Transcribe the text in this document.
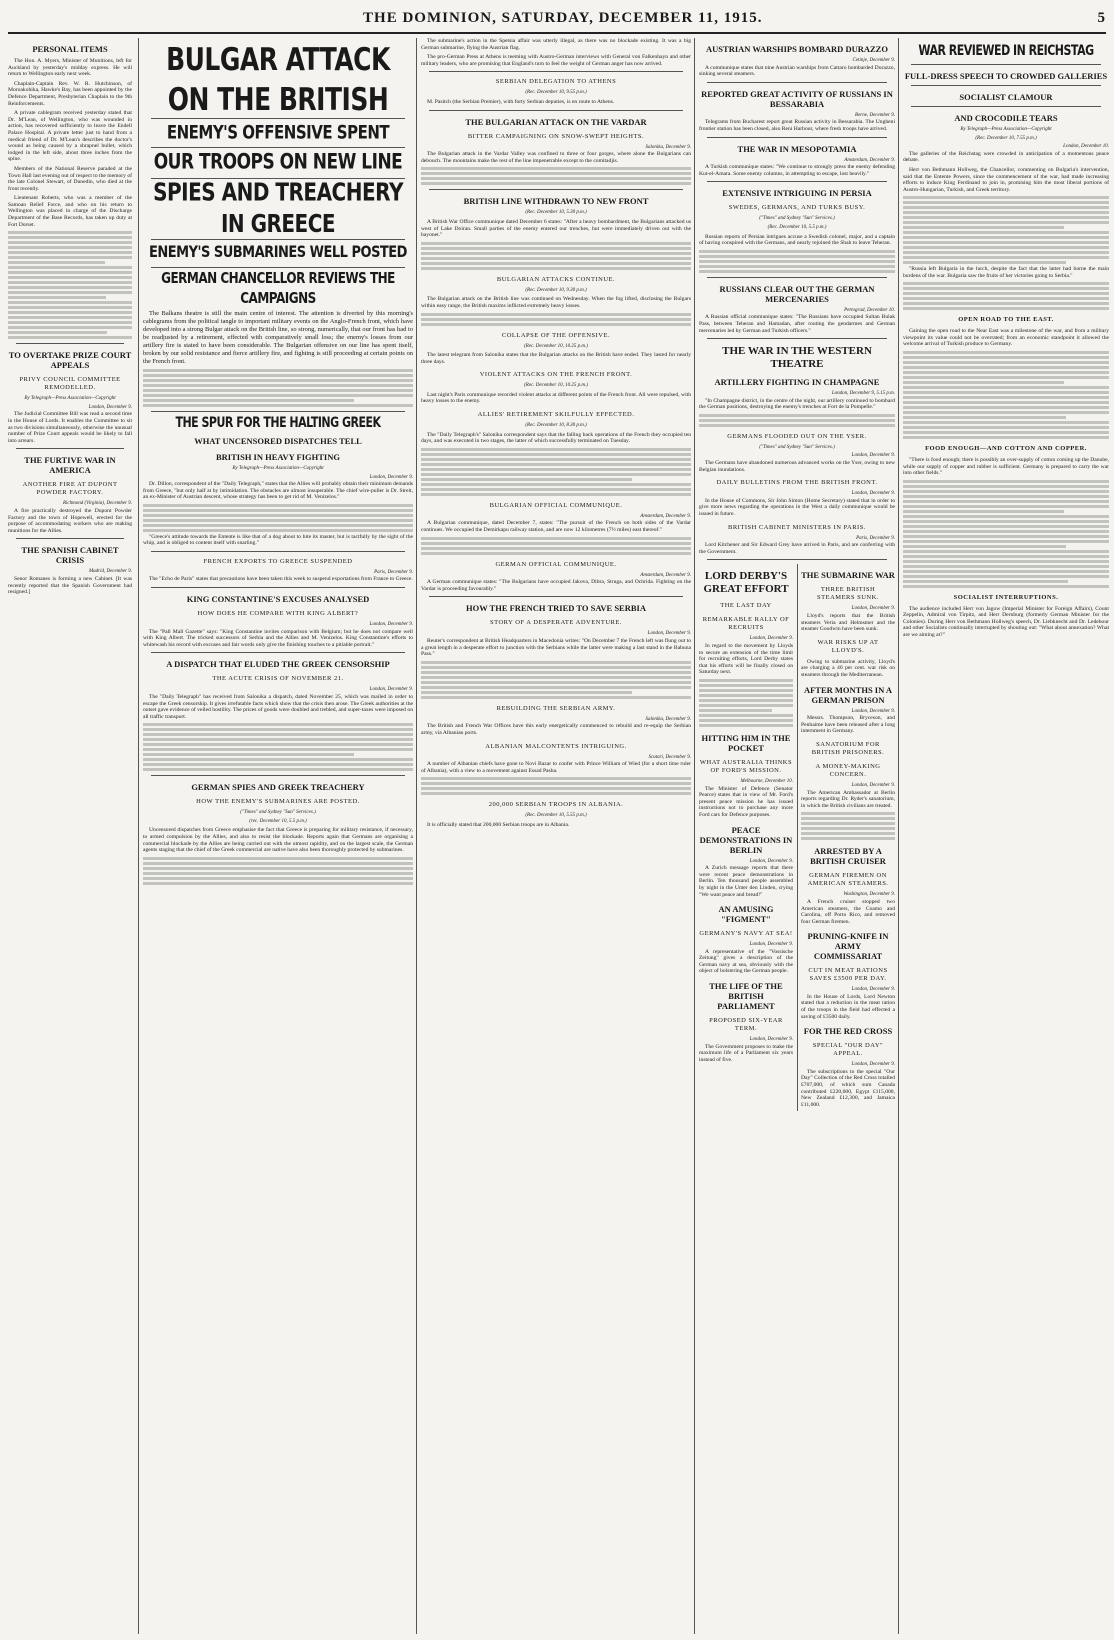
THE DOMINION, SATURDAY, DECEMBER 11, 1915.	5
PERSONAL ITEMS

The Hon. A. Myers, Minister of Munitions, left for Auckland by yesterday's midday express. He will return to Wellington early next week.

Chaplain-Captain Rev. W. R. Hutchinson, of Moroakohika, Hawke's Bay, has been appointed by the Defence Department, Presbyterian Chaplain to the 9th Reinforcements.

A private cablegram received yesterday stated that Dr. M'Lean, of Wellington, who was wounded in action, has recovered sufficiently to leave the Endell Palace Hospital. A private letter just to hand from a medical friend of Dr. M'Lean's describes the doctor's wound as being caused by a shrapnel bullet, which lodged in the left side, about three inches from the spine.

Members of the National Reserve paraded at the Town Hall last evening out of respect to the memory of the late Colonel Stewart, of Dunedin, who died at the front recently.

Lieutenant Roberts, who was a member of the Samoan Relief Force, and who on his return to Wellington was placed in charge of the Discharge Department of the Base Records, has taken up duty at Fort Dorset.

TO OVERTAKE PRIZE COURT APPEALS
PRIVY COUNCIL COMMITTEE REMODELLED.
By Telegraph—Press Association—Copyright
London, December 9.

The Judicial Committee Bill was read a second time in the House of Lords. It enables the Committee to sit as two divisions simultaneously, otherwise the unusual number of Prize Court appeals would be likely to fall into arrears.

THE FURTIVE WAR IN AMERICA
ANOTHER FIRE AT DUPONT POWDER FACTORY.
Richmond (Virginia), December 9.

A fire practically destroyed the Dupont Powder Factory and the town of Hopewell, erected for the purpose of accommodating workers who are making munitions for the Allies.

THE SPANISH CABINET CRISIS
Madrid, December 9.

Senor Romanes is forming a new Cabinet. [It was recently reported that the Spanish Government had resigned.]

BULGAR ATTACK ON THE BRITISH
ENEMY'S OFFENSIVE SPENT
OUR TROOPS ON NEW LINE
SPIES AND TREACHERY IN GREECE
ENEMY'S SUBMARINES WELL POSTED
GERMAN CHANCELLOR REVIEWS THE CAMPAIGNS

The Balkans theatre is still the main centre of interest. The attention is diverted by this morning's cablegrams from the political tangle to important military events on the Anglo-French front, which have developed into a strong Bulgar attack on the British line, so strong, numerically, that our front has had to be readjusted by a retirement, effected with comparatively small loss; the enemy's losses from our artillery fire is stated to have been considerable. The Bulgarian offensive on our line has spent itself, broken by our solid resistance and fierce artillery fire, and fighting is still proceeding at certain points on the French front.

THE SPUR FOR THE HALTING GREEK
WHAT UNCENSORED DISPATCHES TELL
BRITISH IN HEAVY FIGHTING
By Telegraph—Press Association—Copyright
London, December 9.

Dr. Dillon, correspondent of the "Daily Telegraph," states that the Allies will probably obtain their minimum demands from Greece, "but only half at by intimidation. The obstacles are almost insuperable. The chief wire-puller is Dr. Streit, an ex-Minister of Austrian descent, whose strategy has been to get rid of M. Venizelos."

"Greece's attitude towards the Entente is like that of a dog about to bite its master, but is tactfully by the sight of the whip, and is obliged to content itself with snarling."

FRENCH EXPORTS TO GREECE SUSPENDED
Paris, December 9.

The "Echo de Paris" states that precautions have been taken this week to suspend exportations from France to Greece.

KING CONSTANTINE'S EXCUSES ANALYSED
HOW DOES HE COMPARE WITH KING ALBERT?
London, December 9.

The "Pall Mall Gazette" says: "King Constantine invites comparison with Belgium; but he does not compare well with King Albert. The tricked successors of Serbia and the Allies and M. Venizelos. King Constantine's efforts to whitewash his record with excuses and fair words only give the finishing touches to a pitiable portrait."

A DISPATCH THAT ELUDED THE GREEK CENSORSHIP
THE ACUTE CRISIS OF NOVEMBER 21.
London, December 9.

The "Daily Telegraph" has received from Salonika a dispatch, dated November 25, which was mailed in order to escape the Greek censorship. It gives irrefutable facts which show that the crisis then arose. The Greek authorities at the outset gave evidence of veiled hostility. The prices of goods were doubled and trebled, and super-taxes were imposed on all traffic transport.

GERMAN SPIES AND GREEK TREACHERY
HOW THE ENEMY'S SUBMARINES ARE POSTED.
("Times" and Sydney "Sun" Services.)
(rec. December 10, 5.5 p.m.)

Uncensored dispatches from Greece emphasise the fact that Greece is preparing for military resistance, if necessary, to armed compulsion by the Allies, and also to resist the blockade. Reports again that Germans are organising a commercial blockade by the Allies are being carried out with the utmost rapidity, and on the largest scale, the German agents staging that the chief of the Greek commercial are native have also been thoroughly protected by submarines.

The submarine's action in the Spetsia affair was utterly illegal, as there was no blockade existing. It was a big German submarine, flying the Austrian flag.

The pro-German Press at Athens is teeming with Austro-German interviews with General von Falkenhayn and other military leaders, who are promising that England's turn to feel the weight of German anger has now arrived.

SERBIAN DELEGATION TO ATHENS
(Rec. December 10, 9.55 p.m.)

M. Pasitch (the Serbian Premier), with forty Serbian deputies, is en route to Athens.

THE BULGARIAN ATTACK ON THE VARDAR
BITTER CAMPAIGNING ON SNOW-SWEPT HEIGHTS.
Salonika, December 9.

The Bulgarian attack in the Vardar Valley was confined to three or four gorges, where alone the Bulgarians can debouch. The mountains make the rest of the line impenetrable except to the comitadjis.

BRITISH LINE WITHDRAWN TO NEW FRONT
(Rec. December 10, 5.30 p.m.)

A British War Office communique dated December 6 states: "After a heavy bombardment, the Bulgarians attacked us west of Lake Doiran. Small parties of the enemy entered our trenches, but were immediately driven out with the bayonet."

BULGARIAN ATTACKS CONTINUE.
(Rec. December 10, 9.30 p.m.)

The Bulgarian attack on the British line was continued on Wednesday. When the fog lifted, disclosing the Bulgars within easy range, the British maxims inflicted extremely heavy losses.

COLLAPSE OF THE OFFENSIVE.
(Rec. December 10, 10.25 p.m.)

The latest telegram from Salonika states that the Bulgarian attacks on the British have ended. They lasted for nearly three days.

VIOLENT ATTACKS ON THE FRENCH FRONT.
(Rec. December 10, 10.25 p.m.)

Last night's Paris communique recorded violent attacks at different points of the French front. All were repulsed, with heavy losses to the enemy.

ALLIES' RETIREMENT SKILFULLY EFFECTED.
(Rec. December 10, 8.30 p.m.)

The "Daily Telegraph's" Salonika correspondent says that the falling back operations of the French they occupied ten days, and was executed in two stages, the latter of which successfully terminated on Tuesday.

BULGARIAN OFFICIAL COMMUNIQUE.
Amsterdam, December 9.

A Bulgarian communique, dated December 7, states: "The pursuit of the French on both sides of the Vardar continues. We occupied the Demirkapu railway station, and are now 12 kilometres (7½ miles) east thereof."

GERMAN OFFICIAL COMMUNIQUE.
Amsterdam, December 9.

A German communique states: "The Bulgarians have occupied Jakova, Dibra, Struga, and Ochrida. Fighting on the Vardar is proceeding favourably."

HOW THE FRENCH TRIED TO SAVE SERBIA
STORY OF A DESPERATE ADVENTURE.
London, December 9.

Reuter's correspondent at British Headquarters in Macedonia writes: "On December 7 the French left was flung out to a great length in a desperate effort to junction with the Serbians while the latter were making a last stand in the Babuna Pass."

REBUILDING THE SERBIAN ARMY.
Salonika, December 9.

The British and French War Offices have this early energetically commenced to rebuild and re-equip the Serbian army, via Albanian ports.

ALBANIAN MALCONTENTS INTRIGUING.
Scutari, December 9.

A number of Albanian chiefs have gone to Novi Bazar to confer with Prince William of Wied (for a short time ruler of Albania), with a view to a movement against Essad Pasha.

200,000 SERBIAN TROOPS IN ALBANIA.
(Rec. December 10, 5.55 p.m.)

It is officially stated that 200,000 Serbian troops are in Albania.

AUSTRIAN WARSHIPS BOMBARD DURAZZO
Cetinje, December 9.

A communique states that nine Austrian warships from Cattaro bombarded Durazzo, sinking several steamers.

REPORTED GREAT ACTIVITY OF RUSSIANS IN BESSARABIA
Berne, December 9.

Telegrams from Bucharest report great Russian activity in Bessarabia. The Ungheni frontier station has been closed, also Reni Harbour, where fresh troops have arrived.

THE WAR IN MESOPOTAMIA
Amsterdam, December 9.

A Turkish communique states: "We continue to strongly press the enemy defending Kut-el-Amara. Some enemy columns, in attempting to escape, lost heavily."

EXTENSIVE INTRIGUING IN PERSIA
SWEDES, GERMANS, AND TURKS BUSY.
("Times" and Sydney "Sun" Services.)
(Rec. December 10, 5.5 p.m.)

Russian reports of Persian intrigues accuse a Swedish colonel, major, and a captain of having conspired with the Germans, and nearly rejoined the Shah to leave Teheran.

RUSSIANS CLEAR OUT THE GERMAN MERCENARIES
Petrograd, December 10.

A Russian official communique states: "The Russians have occupied Sultan Bulak Pass, between Teheran and Hamadan, after routing the gendarmes and German mercenaries led by German and Turkish officers."

THE WAR IN THE WESTERN THEATRE
ARTILLERY FIGHTING IN CHAMPAGNE
London, December 9, 5.15 p.m.

"In Champagne district, in the centre of the night, our artillery continued to bombard the German positions, destroying the enemy's trenches at Fort de la Pompelle."

GERMANS FLOODED OUT ON THE YSER.
("Times" and Sydney "Sun" Services.)
London, December 9.

The Germans have abandoned numerous advanced works on the Yser, owing to new Belgian inundations.

DAILY BULLETINS FROM THE BRITISH FRONT.
London, December 9.

In the House of Commons, Sir John Simon (Home Secretary) stated that in order to give more news regarding the operations in the West a daily communique would be issued in future.

BRITISH CABINET MINISTERS IN PARIS.
Paris, December 9.

Lord Kitchener and Sir Edward Grey have arrived in Paris, and are conferring with the Government.

LORD DERBY'S GREAT EFFORT
THE LAST DAY
REMARKABLE RALLY OF RECRUITS
London, December 9.

In regard to the movement by Lloyds to secure an extension of the time limit for recruiting efforts, Lord Derby states that his efforts will be finally closed on Saturday next.

HITTING HIM IN THE POCKET
WHAT AUSTRALIA THINKS OF FORD'S MISSION.
Melbourne, December 10.

The Minister of Defence (Senator Pearce) states that in view of Mr. Ford's present peace mission he has issued instructions not to purchase any more Ford cars for Defence purposes.

PEACE DEMONSTRATIONS IN BERLIN
London, December 9.

A Zurich message reports that there were recent peace demonstrations in Berlin. Ten thousand people assembled by night in the Unter den Linden, crying "We want peace and bread!"

AN AMUSING "FIGMENT"
GERMANY'S NAVY AT SEA!
London, December 9.

A representative of the "Vossische Zeitung" gives a description of the German navy at sea, obviously with the object of bolstering the German people.

THE LIFE OF THE BRITISH PARLIAMENT
PROPOSED SIX-YEAR TERM.
London, December 9.

The Government proposes to make the maximum life of a Parliament six years instead of five.

THE SUBMARINE WAR
THREE BRITISH STEAMERS SUNK.
London, December 9.

Lloyd's reports that the British steamers Veria and Helmsmer and the steamer Goodwin have been sunk.

WAR RISKS UP AT LLOYD'S.

Owing to submarine activity, Lloyd's are charging a 40 per cent. war risk on steamers through the Mediterranean.

AFTER MONTHS IN A GERMAN PRISON
London, December 9.

Messrs. Thompson, Bryceson, and Penhaime have been released after a long internment in Germany.

SANATORIUM FOR BRITISH PRISONERS.
A MONEY-MAKING CONCERN.
London, December 9.

The American Ambassador at Berlin reports regarding Dr. Ryder's sanatorium, in which the British civilians are treated.

ARRESTED BY A BRITISH CRUISER
GERMAN FIREMEN ON AMERICAN STEAMERS.
Washington, December 9.

A French cruiser stopped two American steamers, the Coamo and Carolina, off Porto Rico, and removed four German firemen.

PRUNING-KNIFE IN ARMY COMMISSARIAT
CUT IN MEAT RATIONS SAVES £3500 PER DAY.
London, December 9.

In the House of Lords, Lord Newton stated that a reduction in the meat ration of the troops in the field had effected a saving of £3500 daily.

FOR THE RED CROSS
SPECIAL "OUR DAY" APPEAL.
London, December 9.

The subscriptions to the special "Our Day" Collection of the Red Cross totalled £707,000, of which sum Canada contributed £220,000, Egypt £115,000, New Zealand £12,300, and Jamaica £11,000.

WAR REVIEWED IN REICHSTAG
FULL-DRESS SPEECH TO CROWDED GALLERIES
SOCIALIST CLAMOUR
AND CROCODILE TEARS
By Telegraph—Press Association—Copyright
(Rec. December 10, 7.55 p.m.)
London, December 10.

The galleries of the Reichstag were crowded in anticipation of a momentous peace debate.

Herr von Bethmann Hollweg, the Chancellor, commenting on Bulgaria's intervention, said that the Entente Powers, since the commencement of the war, had made increasing efforts to induce King Ferdinand to join in, promising him the most liberal portions of Austro-Hungarian, Turkish, and Greek territory.

"Russia left Bulgaria in the lurch, despite the fact that the latter had borne the main burdens of the war. Bulgaria saw the fruits of her victories going to Serbia."

OPEN ROAD TO THE EAST.

Gaining the open road to the Near East was a milestone of the war, and from a military viewpoint its value could not be overrated; from an economic standpoint it allowed the welcome arrival of Turkish produce to Germany.

FOOD ENOUGH—AND COTTON AND COPPER.

"There is food enough; there is possibly an over-supply of cotton coming up the Danube, while our supply of copper and rubber is sufficient. Germany is prepared to carry the war into other fields."

SOCIALIST INTERRUPTIONS.

The audience included Herr von Jagow (Imperial Minister for Foreign Affairs), Count Zeppelin, Admiral von Tirpitz, and Herr Dernburg (formerly German Minister for the Colonies). During Herr von Bethmann Hollweg's speech, Dr. Liebknecht and Dr. Ledebour and other Socialists continually interrupted by shouting out: "What about annexation? What are we aiming at?"
